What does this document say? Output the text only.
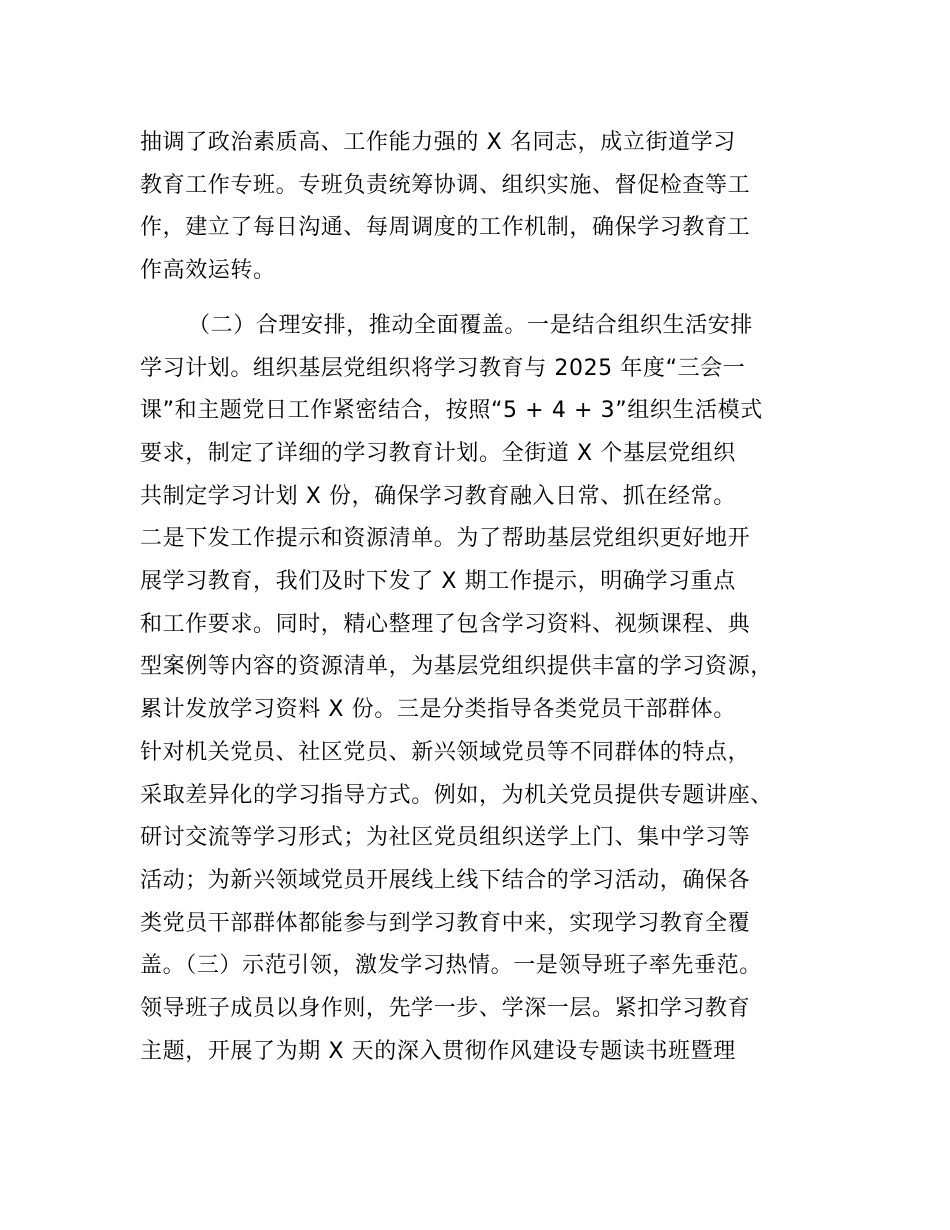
抽调了政治素质高、工作能力强的 X 名同志，成立街道学习
教育工作专班。专班负责统筹协调、组织实施、督促检查等工
作，建立了每日沟通、每周调度的工作机制，确保学习教育工
作高效运转。

（二）合理安排，推动全面覆盖。一是结合组织生活安排
学习计划。组织基层党组织将学习教育与 2025 年度“三会一
课”和主题党日工作紧密结合，按照“5 + 4 + 3”组织生活模式
要求，制定了详细的学习教育计划。全街道 X 个基层党组织
共制定学习计划 X 份，确保学习教育融入日常、抓在经常。
二是下发工作提示和资源清单。为了帮助基层党组织更好地开
展学习教育，我们及时下发了 X 期工作提示，明确学习重点
和工作要求。同时，精心整理了包含学习资料、视频课程、典
型案例等内容的资源清单，为基层党组织提供丰富的学习资源，
累计发放学习资料 X 份。三是分类指导各类党员干部群体。
针对机关党员、社区党员、新兴领域党员等不同群体的特点，
采取差异化的学习指导方式。例如，为机关党员提供专题讲座、
研讨交流等学习形式；为社区党员组织送学上门、集中学习等
活动；为新兴领域党员开展线上线下结合的学习活动，确保各
类党员干部群体都能参与到学习教育中来，实现学习教育全覆
盖。（三）示范引领，激发学习热情。一是领导班子率先垂范。
领导班子成员以身作则，先学一步、学深一层。紧扣学习教育
主题，开展了为期 X 天的深入贯彻作风建设专题读书班暨理
